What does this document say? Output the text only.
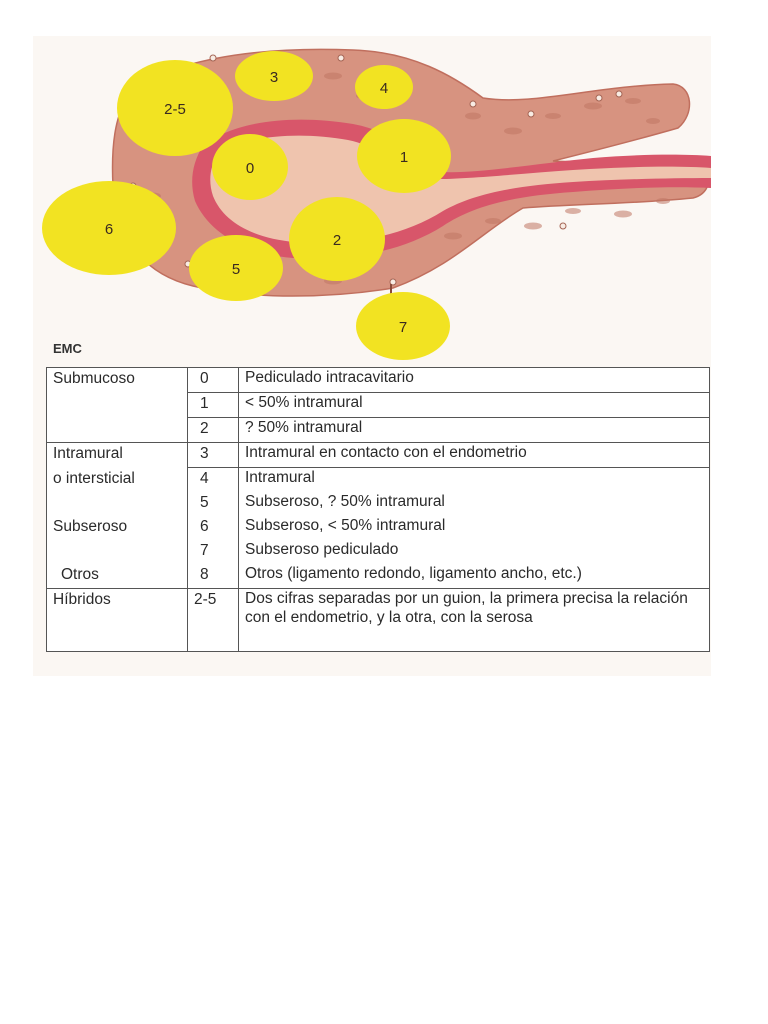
2-5
3
4
0
1
6
2
5
7
EMC
Submucoso	0	Pediculado intracavitario
	1	< 50% intramural
	2	? 50% intramural
Intramural	3	Intramural en contacto con el endometrio
o intersticial	4	Intramural
	5	Subseroso, ? 50% intramural
Subseroso	6	Subseroso, < 50% intramural
	7	Subseroso pediculado
Otros	8	Otros (ligamento redondo, ligamento ancho, etc.)
Híbridos	2-5	Dos cifras separadas por un guion, la primera precisa la relación con el endometrio, y la otra, con la serosa
